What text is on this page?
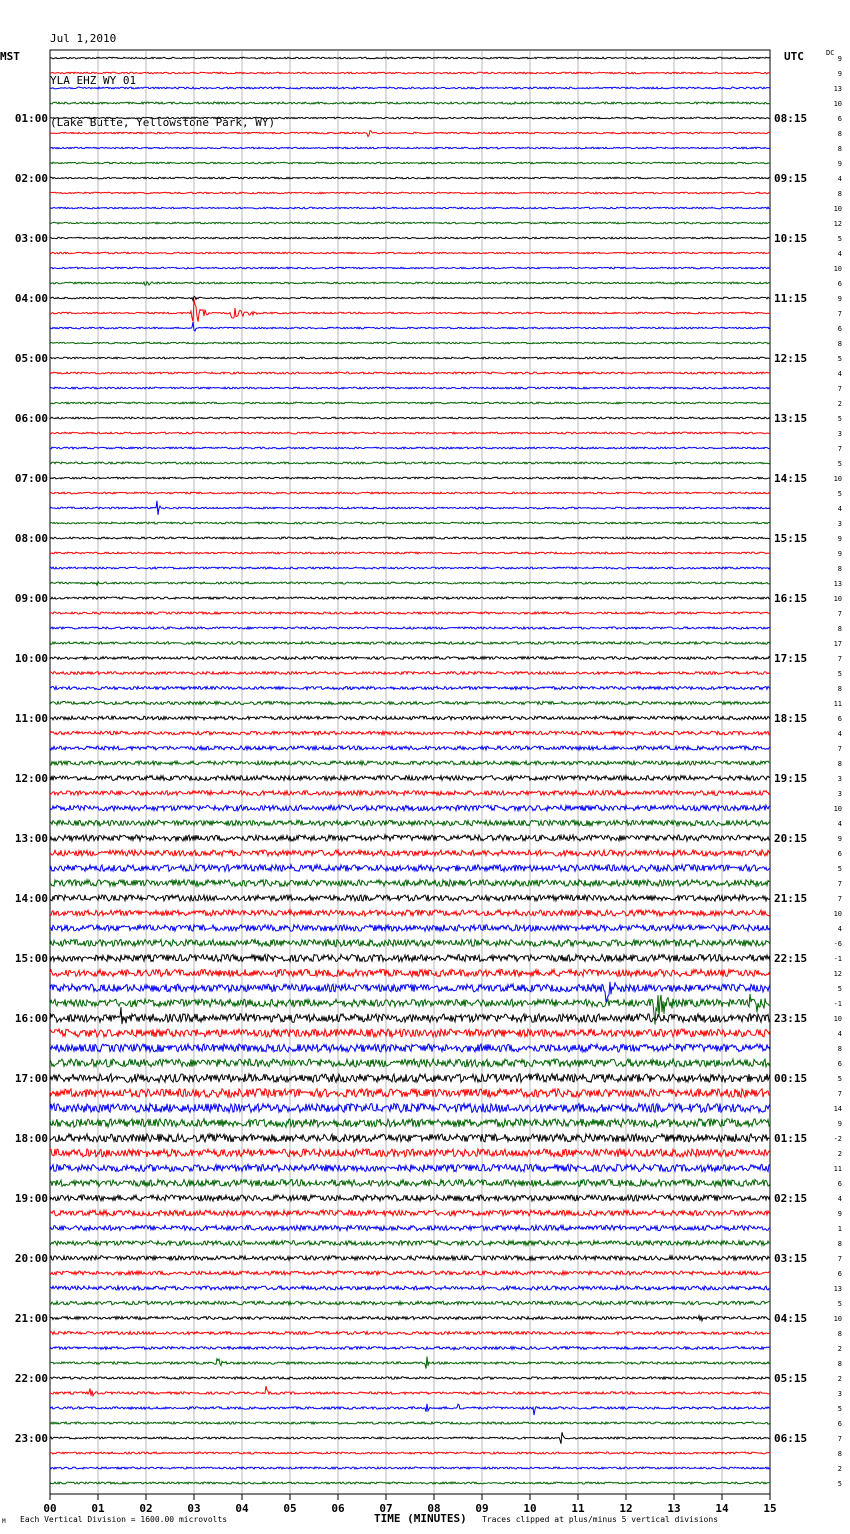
Jul 1,2010

YLA EHZ WY 01

(Lake Butte, Yellowstone Park, WY)

MST	UTC	DC
9
9
13
10
6
8
8
9
4
8
10
12
5
4
10
6
9
7
6
8
5
4
7
2
5
3
7
5
10
5
4
3
9
9
8
13
10
7
8
17
7
5
8
11
6
4
7
8
3
3
10
4
9
6
5
7
7
10
4
-6
-1
12
5
-1
10
4
8
6
5
7
14
9
-2
2
11
6
4
9
1
8
7
6
13
5
10
8
2
8
2
3
5
6
7
8
2
5
01:00	08:15
02:00	09:15
03:00	10:15
04:00	11:15
05:00	12:15
06:00	13:15
07:00	14:15
08:00	15:15
09:00	16:15
10:00	17:15
11:00	18:15
12:00	19:15
13:00	20:15
14:00	21:15
15:00	22:15
16:00	23:15
17:00	00:15
18:00	01:15
19:00	02:15
20:00	03:15
21:00	04:15
22:00	05:15
23:00	06:15
00	01	02	03	04	05	06	07	08	09	10	11	12	13	14	15
M Each Vertical Division = 1600.00 microvolts	TIME (MINUTES) Traces clipped at plus/minus 5 vertical divisions
